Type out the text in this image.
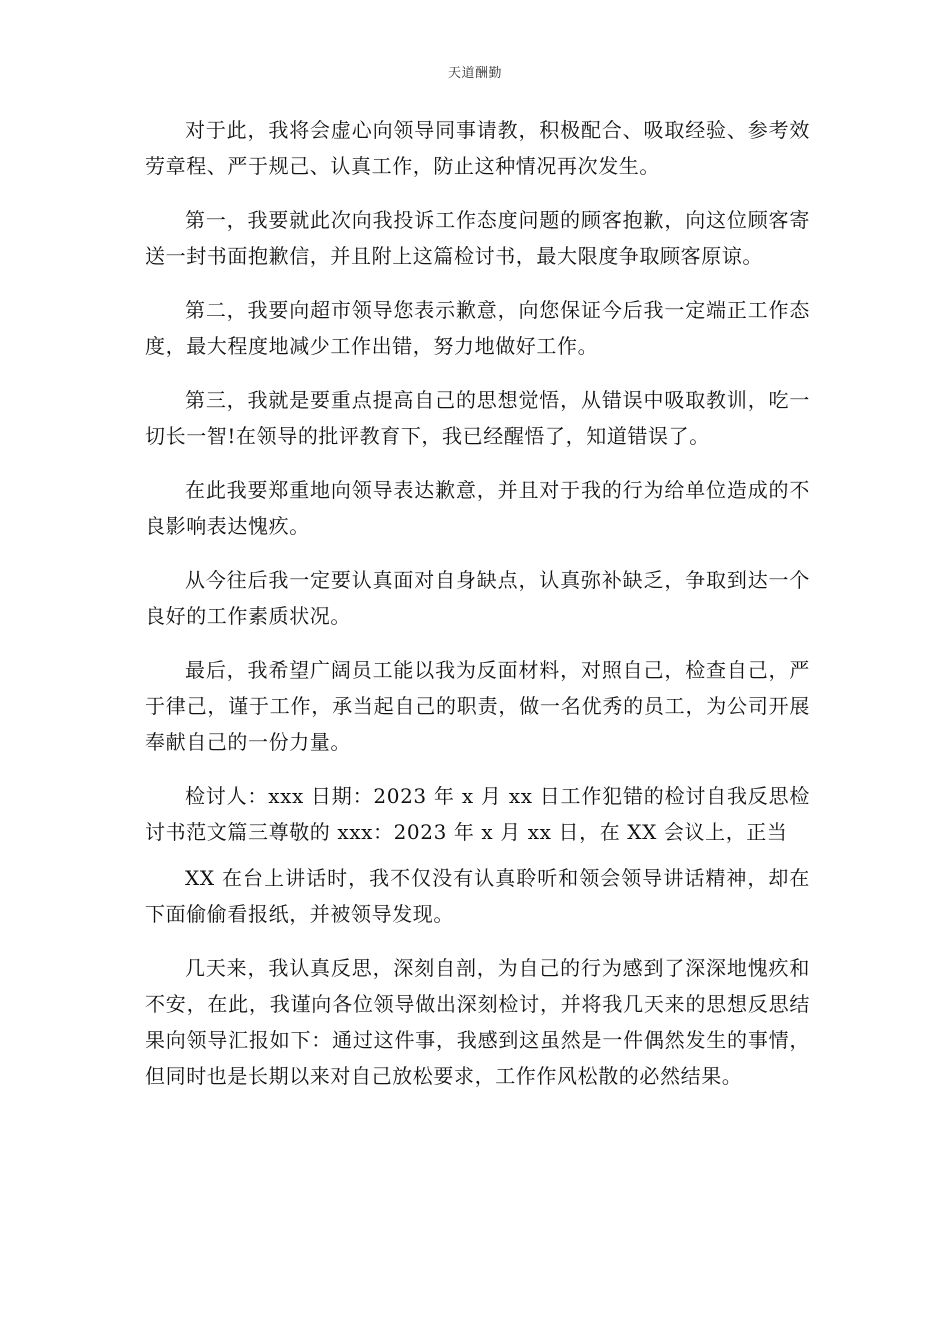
天道酬勤

对于此，我将会虚心向领导同事请教，积极配合、吸取经验、参考效劳章程、严于规己、认真工作，防止这种情况再次发生。

第一，我要就此次向我投诉工作态度问题的顾客抱歉，向这位顾客寄送一封书面抱歉信，并且附上这篇检讨书，最大限度争取顾客原谅。

第二，我要向超市领导您表示歉意，向您保证今后我一定端正工作态度，最大程度地减少工作出错，努力地做好工作。

第三，我就是要重点提高自己的思想觉悟，从错误中吸取教训，吃一切长一智!在领导的批评教育下，我已经醒悟了，知道错误了。

在此我要郑重地向领导表达歉意，并且对于我的行为给单位造成的不良影响表达愧疚。

从今往后我一定要认真面对自身缺点，认真弥补缺乏，争取到达一个良好的工作素质状况。

最后，我希望广阔员工能以我为反面材料，对照自己，检查自己，严于律己，谨于工作，承当起自己的职责，做一名优秀的员工，为公司开展奉献自己的一份力量。

检讨人：xxx 日期：2023 年 x 月 xx 日工作犯错的检讨自我反思检讨书范文篇三尊敬的 xxx：2023 年 x 月 xx 日，在 XX 会议上，正当

XX 在台上讲话时，我不仅没有认真聆听和领会领导讲话精神，却在下面偷偷看报纸，并被领导发现。

几天来，我认真反思，深刻自剖，为自己的行为感到了深深地愧疚和不安，在此，我谨向各位领导做出深刻检讨，并将我几天来的思想反思结果向领导汇报如下：通过这件事，我感到这虽然是一件偶然发生的事情，但同时也是长期以来对自己放松要求，工作作风松散的必然结果。
